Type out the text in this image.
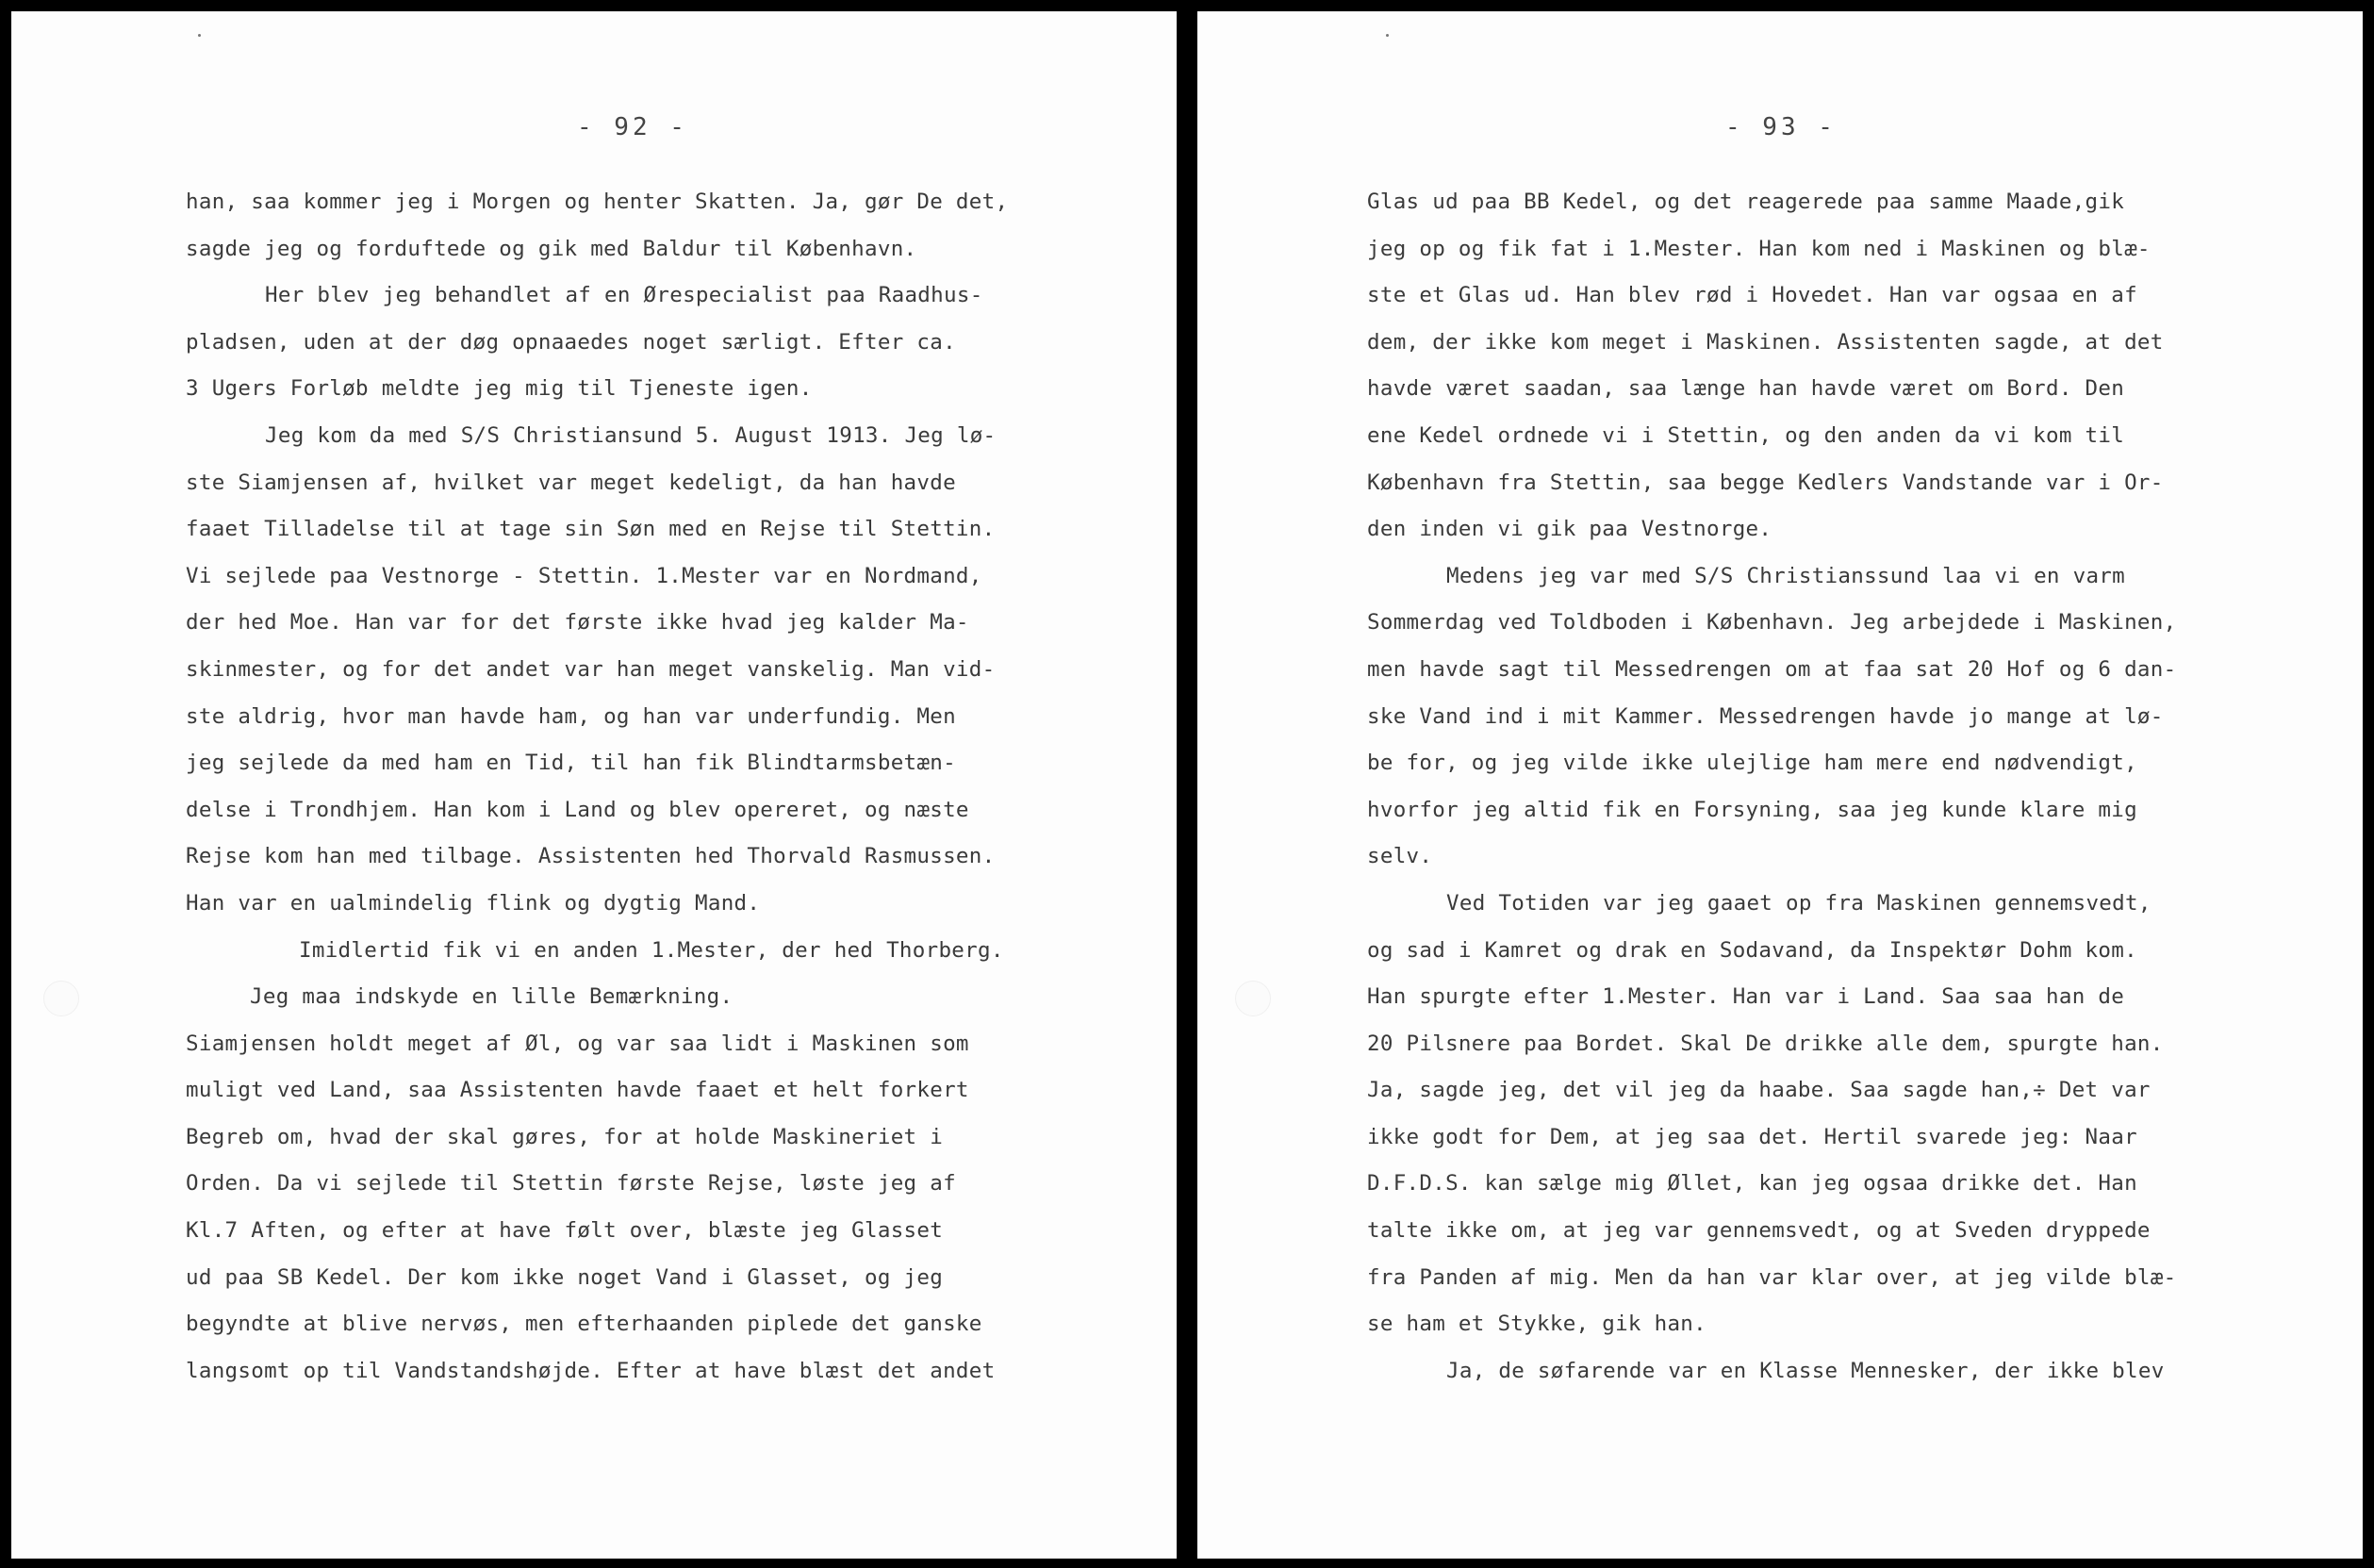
- 92 -
han, saa kommer jeg i Morgen og henter Skatten. Ja, gør De det,
sagde jeg og forduftede og gik med Baldur til København.
Her blev jeg behandlet af en Ørespecialist paa Raadhus-
pladsen, uden at der døg opnaaedes noget særligt. Efter ca.
3 Ugers Forløb meldte jeg mig til Tjeneste igen.
Jeg kom da med S/S Christiansund 5. August 1913. Jeg lø-
ste Siamjensen af, hvilket var meget kedeligt, da han havde
faaet Tilladelse til at tage sin Søn med en Rejse til Stettin.
Vi sejlede paa Vestnorge - Stettin. 1.Mester var en Nordmand,
der hed Moe. Han var for det første ikke hvad jeg kalder Ma-
skinmester, og for det andet var han meget vanskelig. Man vid-
ste aldrig, hvor man havde ham, og han var underfundig. Men
jeg sejlede da med ham en Tid, til han fik Blindtarmsbetæn-
delse i Trondhjem. Han kom i Land og blev opereret, og næste
Rejse kom han med tilbage. Assistenten hed Thorvald Rasmussen.
Han var en ualmindelig flink og dygtig Mand.
Imidlertid fik vi en anden 1.Mester, der hed Thorberg.
Jeg maa indskyde en lille Bemærkning.
Siamjensen holdt meget af Øl, og var saa lidt i Maskinen som
muligt ved Land, saa Assistenten havde faaet et helt forkert
Begreb om, hvad der skal gøres, for at holde Maskineriet i
Orden. Da vi sejlede til Stettin første Rejse, løste jeg af
Kl.7 Aften, og efter at have følt over, blæste jeg Glasset
ud paa SB Kedel. Der kom ikke noget Vand i Glasset, og jeg
begyndte at blive nervøs, men efterhaanden piplede det ganske
langsomt op til Vandstandshøjde. Efter at have blæst det andet
- 93 -
Glas ud paa BB Kedel, og det reagerede paa samme Maade,gik
jeg op og fik fat i 1.Mester. Han kom ned i Maskinen og blæ-
ste et Glas ud. Han blev rød i Hovedet. Han var ogsaa en af
dem, der ikke kom meget i Maskinen. Assistenten sagde, at det
havde været saadan, saa længe han havde været om Bord. Den
ene Kedel ordnede vi i Stettin, og den anden da vi kom til
København fra Stettin, saa begge Kedlers Vandstande var i Or-
den inden vi gik paa Vestnorge.
Medens jeg var med S/S Christianssund laa vi en varm
Sommerdag ved Toldboden i København. Jeg arbejdede i Maskinen,
men havde sagt til Messedrengen om at faa sat 20 Hof og 6 dan-
ske Vand ind i mit Kammer. Messedrengen havde jo mange at lø-
be for, og jeg vilde ikke ulejlige ham mere end nødvendigt,
hvorfor jeg altid fik en Forsyning, saa jeg kunde klare mig
selv.
Ved Totiden var jeg gaaet op fra Maskinen gennemsvedt,
og sad i Kamret og drak en Sodavand, da Inspektør Dohm kom.
Han spurgte efter 1.Mester. Han var i Land. Saa saa han de
20 Pilsnere paa Bordet. Skal De drikke alle dem, spurgte han.
Ja, sagde jeg, det vil jeg da haabe. Saa sagde han,÷ Det var
ikke godt for Dem, at jeg saa det. Hertil svarede jeg: Naar
D.F.D.S. kan sælge mig Øllet, kan jeg ogsaa drikke det. Han
talte ikke om, at jeg var gennemsvedt, og at Sveden dryppede
fra Panden af mig. Men da han var klar over, at jeg vilde blæ-
se ham et Stykke, gik han.
Ja, de søfarende var en Klasse Mennesker, der ikke blev
